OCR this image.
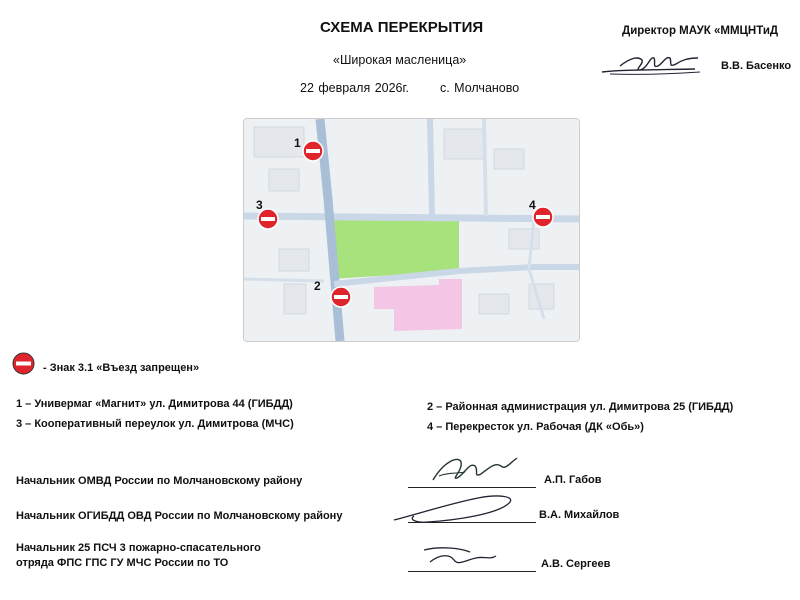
СХЕМА ПЕРЕКРЫТИЯ
«Широкая масленица»
22 февраля 2026г. с. Молчаново
Директор МАУК «ММЦНТиД
В.В. Басенко
1
2
3	4
- Знак 3.1 «Въезд запрещен»
1 – Универмаг «Магнит» ул. Димитрова 44 (ГИБДД)	2 – Районная администрация ул. Димитрова 25 (ГИБДД)
3 – Кооперативный переулок ул. Димитрова (МЧС)	4 – Перекресток ул. Рабочая (ДК «Обь»)
Начальник ОМВД России по Молчановскому району	А.П. Габов
Начальник ОГИБДД ОВД России по Молчановскому району	В.А. Михайлов
Начальник 25 ПСЧ 3 пожарно-спасательного
отряда ФПС ГПС ГУ МЧС России по ТО	А.В. Сергеев
